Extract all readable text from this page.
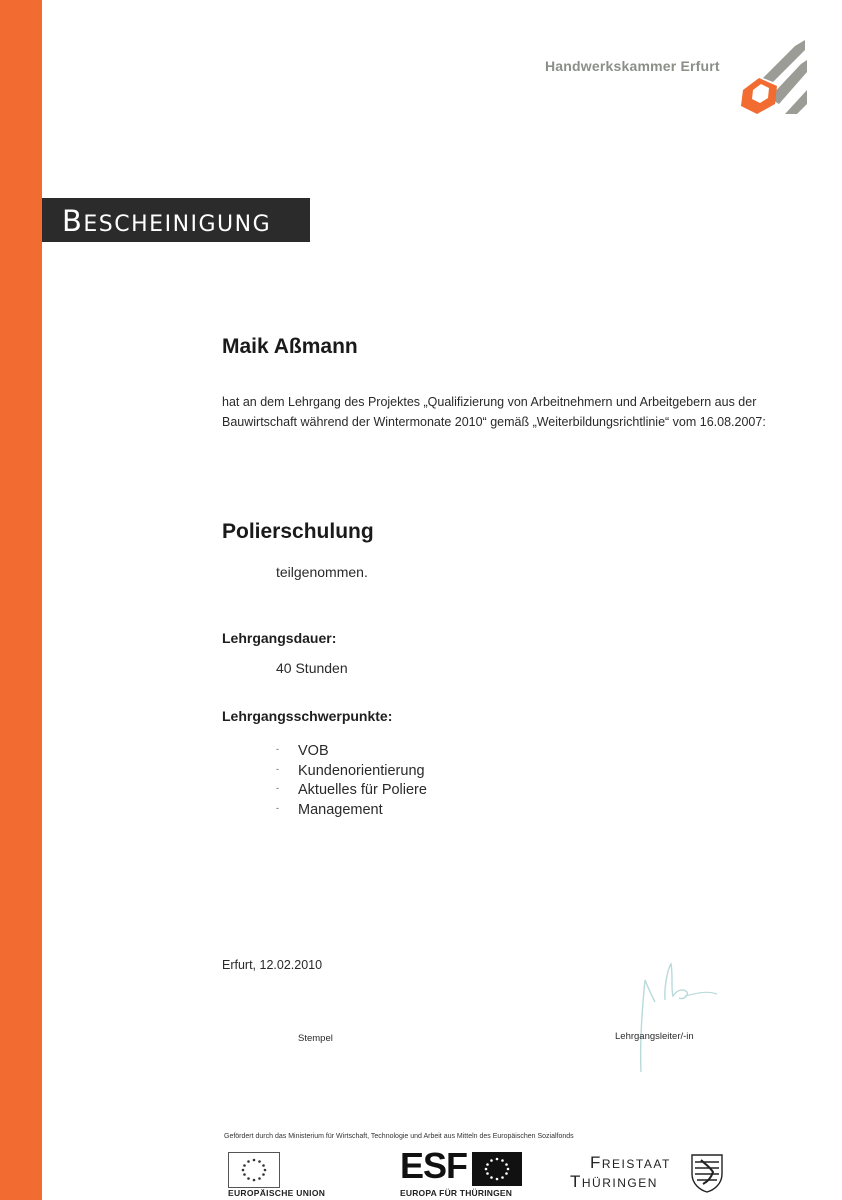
Handwerkskammer Erfurt
BESCHEINIGUNG
Maik Aßmann
hat an dem Lehrgang des Projektes „Qualifizierung von Arbeitnehmern und Arbeitgebern aus der Bauwirtschaft während der Wintermonate 2010“ gemäß „Weiterbildungsrichtlinie“ vom 16.08.2007:
Polierschulung
teilgenommen.
Lehrgangsdauer:
40 Stunden
Lehrgangsschwerpunkte:
- VOB
- Kundenorientierung
- Aktuelles für Poliere
- Management
Erfurt, 12.02.2010
Stempel	Lehrgangsleiter/-in
Gefördert durch das Ministerium für Wirtschaft, Technologie und Arbeit aus Mitteln des Europäischen Sozialfonds
EUROPÄISCHE UNION
ESF
EUROPA FÜR THÜRINGEN
Freistaat
Thüringen
